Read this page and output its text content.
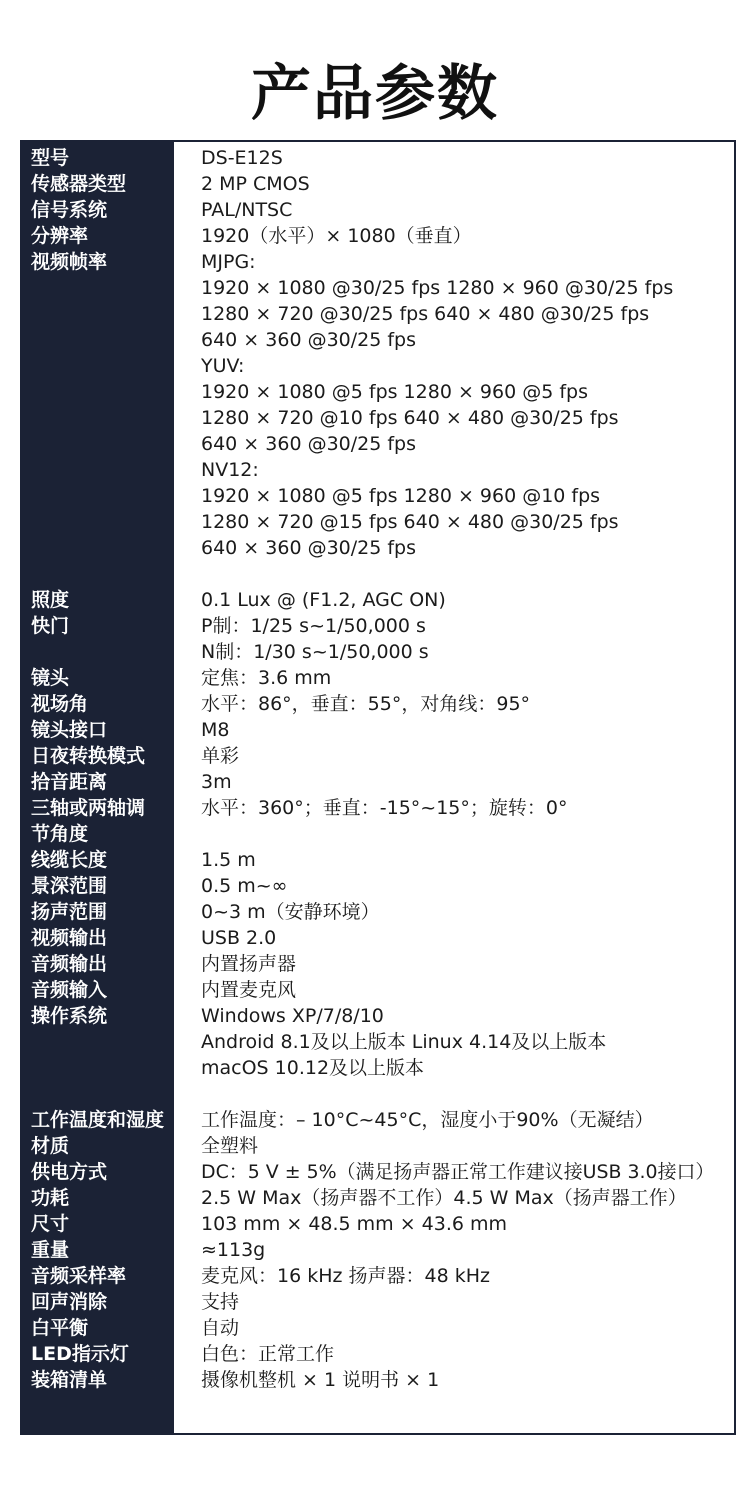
产品参数
型号
传感器类型
信号系统
分辨率
视频帧率
照度
快门
镜头
视场角
镜头接口
日夜转换模式
拾音距离
三轴或两轴调
节角度
线缆长度
景深范围
扬声范围
视频输出
音频输出
音频输入
操作系统
工作温度和湿度
材质
供电方式
功耗
尺寸
重量
音频采样率
回声消除
白平衡
LED指示灯
装箱清单
DS-E12S
2 MP CMOS
PAL/NTSC
1920（水平）× 1080（垂直）
MJPG:
1920 × 1080 @30/25 fps 1280 × 960 @30/25 fps
1280 × 720 @30/25 fps 640 × 480 @30/25 fps
640 × 360 @30/25 fps
YUV:
1920 × 1080 @5 fps 1280 × 960 @5 fps
1280 × 720 @10 fps 640 × 480 @30/25 fps
640 × 360 @30/25 fps
NV12:
1920 × 1080 @5 fps 1280 × 960 @10 fps
1280 × 720 @15 fps 640 × 480 @30/25 fps
640 × 360 @30/25 fps
0.1 Lux @ (F1.2, AGC ON)
P制：1/25 s~1/50,000 s
N制：1/30 s~1/50,000 s
定焦：3.6 mm
水平：86°，垂直：55°，对角线：95°
M8
单彩
3m
水平：360°；垂直：-15°~15°；旋转：0°
1.5 m
0.5 m~∞
0~3 m（安静环境）
USB 2.0
内置扬声器
内置麦克风
Windows XP/7/8/10
Android 8.1及以上版本 Linux 4.14及以上版本
macOS 10.12及以上版本
工作温度：– 10°C~45°C，湿度小于90%（无凝结）
全塑料
DC：5 V ± 5%（满足扬声器正常工作建议接USB 3.0接口）
2.5 W Max（扬声器不工作）4.5 W Max（扬声器工作）
103 mm × 48.5 mm × 43.6 mm
≈113g
麦克风：16 kHz 扬声器：48 kHz
支持
自动
白色：正常工作
摄像机整机 × 1 说明书 × 1
